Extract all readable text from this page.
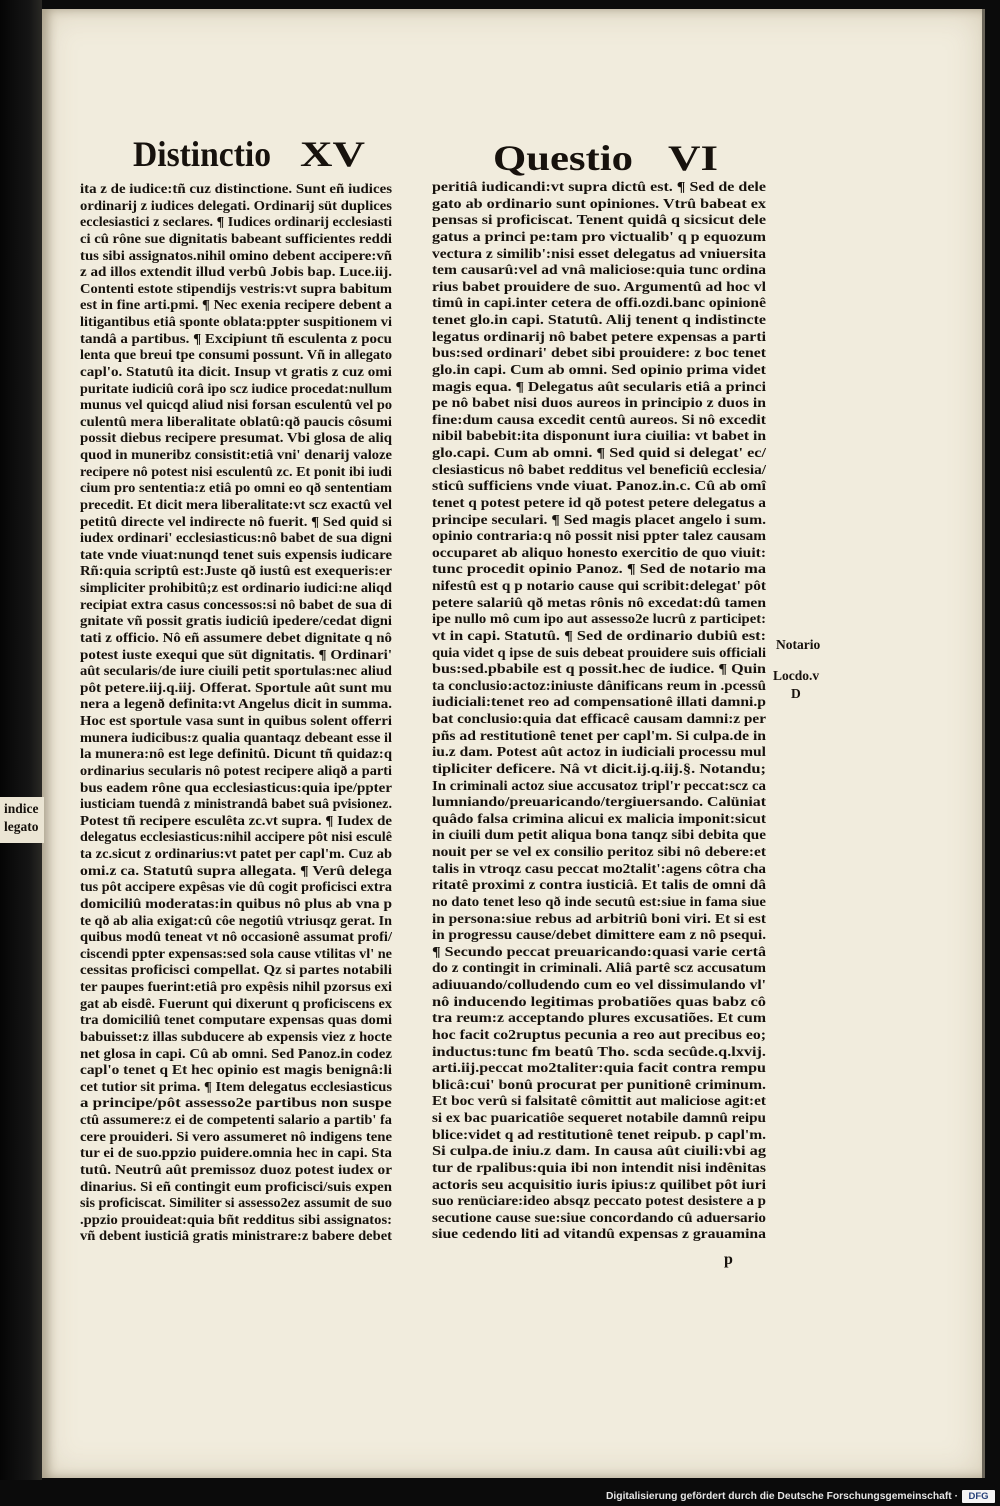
Distinctio XV	Questio VI
ita z de iudice:tñ cuz distinctione. Sunt eñ iudices
ordinarij z iudices delegati. Ordinarij süt duplices
ecclesiastici z seclares. ¶ Iudices ordinarij ecclesiasti
ci cû rône sue dignitatis babeant sufficientes reddi
tus sibi assignatos.nihil omino debent accipere:vñ
z ad illos extendit illud verbû Jobis bap. Luce.iij.
Contenti estote stipendijs vestris:vt supra babitum
est in fine arti.pmi. ¶ Nec exenia recipere debent a
litigantibus etiâ sponte oblata:ppter suspitionem vi
tandâ a partibus. ¶ Excipiunt tñ esculenta z pocu
lenta que breui tpe consumi possunt. Vñ in allegato
capl'o. Statutû ita dicit. Insup vt gratis z cuz omi
puritate iudiciû corâ ipo scz iudice procedat:nullum
munus vel quicqd aliud nisi forsan esculentû vel po
culentû mera liberalitate oblatû:qð paucis côsumi
possit diebus recipere presumat. Vbi glosa de aliq
quod in muneribz consistit:etiâ vni' denarij valoze
recipere nô potest nisi esculentû zc. Et ponit ibi iudi
cium pro sententia:z etiâ po omni eo qð sententiam
precedit. Et dicit mera liberalitate:vt scz exactû vel
petitû directe vel indirecte nô fuerit. ¶ Sed quid si
iudex ordinari' ecclesiasticus:nô babet de sua digni
tate vnde viuat:nunqd tenet suis expensis iudicare
Rñ:quia scriptû est:Juste qð iustû est exequeris:er
simpliciter prohibitû;z est ordinario iudici:ne aliqd
recipiat extra casus concessos:si nô babet de sua di
gnitate vñ possit gratis iudiciû ipedere/cedat digni
tati z officio. Nô eñ assumere debet dignitate q nô
potest iuste exequi que süt dignitatis. ¶ Ordinari'
aût secularis/de iure ciuili petit sportulas:nec aliud
pôt petere.iij.q.iij. Offerat. Sportule aût sunt mu
nera a legenð definita:vt Angelus dicit in summa.
Hoc est sportule vasa sunt in quibus solent offerri
munera iudicibus:z qualia quantaqz debeant esse il
la munera:nô est lege definitû. Dicunt tñ quidaz:q
ordinarius secularis nô potest recipere aliqð a parti
bus eadem rône qua ecclesiasticus:quia ipe/ppter
iusticiam tuendâ z ministrandâ babet suâ pvisionez.
Potest tñ recipere esculêta zc.vt supra. ¶ Iudex de
delegatus ecclesiasticus:nihil accipere pôt nisi esculê
ta zc.sicut z ordinarius:vt patet per capl'm. Cuz ab
omi.z ca. Statutû supra allegata. ¶ Verû delega
tus pôt accipere expêsas vie dû cogit proficisci extra
domiciliû moderatas:in quibus nô plus ab vna p
te qð ab alia exigat:cû côe negotiû vtriusqz gerat. In
quibus modû teneat vt nô occasionê assumat profi/
ciscendi ppter expensas:sed sola cause vtilitas vl' ne
cessitas proficisci compellat. Qz si partes notabili
ter paupes fuerint:etiâ pro expêsis nihil pzorsus exi
gat ab eisdê. Fuerunt qui dixerunt q proficiscens ex
tra domiciliû tenet computare expensas quas domi
babuisset:z illas subducere ab expensis viez z hocte
net glosa in capi. Cû ab omni. Sed Panoz.in codez
capl'o tenet q Et hec opinio est magis benignâ:li
cet tutior sit prima. ¶ Item delegatus ecclesiasticus
a principe/pôt assesso2e partibus non suspe
ctû assumere:z ei de competenti salario a partib' fa
cere prouideri. Si vero assumeret nô indigens tene
tur ei de suo.ppzio puidere.omnia hec in capi. Sta
tutû. Neutrû aût premissoz duoz potest iudex or
dinarius. Si eñ contingit eum proficisci/suis expen
sis proficiscat. Similiter si assesso2ez assumit de suo
.ppzio prouideat:quia bñt redditus sibi assignatos:
vñ debent iusticiâ gratis ministrare:z babere debet
peritiâ iudicandi:vt supra dictû est. ¶ Sed de dele
gato ab ordinario sunt opiniones. Vtrû babeat ex
pensas si proficiscat. Tenent quidâ q sicsicut dele
gatus a princi pe:tam pro victualib' q p equozum
vectura z similib':nisi esset delegatus ad vniuersita
tem causarû:vel ad vnâ maliciose:quia tunc ordina
rius babet prouidere de suo. Argumentû ad hoc vl
timû in capi.inter cetera de offi.ozdi.banc opinionê
tenet glo.in capi. Statutû. Alij tenent q indistincte
legatus ordinarij nô babet petere expensas a parti
bus:sed ordinari' debet sibi prouidere: z boc tenet
glo.in capi. Cum ab omni. Sed opinio prima videt
magis equa. ¶ Delegatus aût secularis etiâ a princi
pe nô babet nisi duos aureos in principio z duos in
fine:dum causa excedit centû aureos. Si nô excedit
nibil babebit:ita disponunt iura ciuilia: vt babet in
glo.capi. Cum ab omni. ¶ Sed quid si delegat' ec/
clesiasticus nô babet redditus vel beneficiû ecclesia/
sticû sufficiens vnde viuat. Panoz.in.c. Cû ab omî
tenet q potest petere id qð potest petere delegatus a
principe seculari. ¶ Sed magis placet angelo i sum.
opinio contraria:q nô possit nisi ppter talez causam
occuparet ab aliquo honesto exercitio de quo viuit:
tunc procedit opinio Panoz. ¶ Sed de notario ma
nifestû est q p notario cause qui scribit:delegat' pôt
petere salariû qð metas rônis nô excedat:dû tamen
ipe nullo mô cum ipo aut assesso2e lucrû z participet:
vt in capi. Statutû. ¶ Sed de ordinario dubiû est:
quia videt q ipse de suis debeat prouidere suis officiali
bus:sed.pbabile est q possit.hec de iudice. ¶ Quin
ta conclusio:actoz:iniuste dânificans reum in .pcessû
iudiciali:tenet reo ad compensationê illati damni.p
bat conclusio:quia dat efficacê causam damni:z per
pñs ad restitutionê tenet per capl'm. Si culpa.de in
iu.z dam. Potest aût actoz in iudiciali processu mul
tipliciter deficere. Nâ vt dicit.ij.q.iij.§. Notandu;
In criminali actoz siue accusatoz tripl'r peccat:scz ca
lumniando/preuaricando/tergiuersando. Calüniat
quâdo falsa crimina alicui ex malicia imponit:sicut
in ciuili dum petit aliqua bona tanqz sibi debita que
nouit per se vel ex consilio peritoz sibi nô debere:et
talis in vtroqz casu peccat mo2talit':agens côtra cha
ritatê proximi z contra iusticiâ. Et talis de omni dâ
no dato tenet leso qð inde secutû est:siue in fama siue
in persona:siue rebus ad arbitriû boni viri. Et si est
in progressu cause/debet dimittere eam z nô psequi.
¶ Secundo peccat preuaricando:quasi varie certâ
do z contingit in criminali. Aliâ partê scz accusatum
adiuuando/colludendo cum eo vel dissimulando vl'
nô inducendo legitimas probatiões quas babz cô
tra reum:z acceptando plures excusatiões. Et cum
hoc facit co2ruptus pecunia a reo aut precibus eo;
inductus:tunc fm beatû Tho. scda secûde.q.lxvij.
arti.iij.peccat mo2taliter:quia facit contra rempu
blicâ:cui' bonû procurat per punitionê criminum.
Et boc verû si falsitatê cômittit aut maliciose agit:et
si ex bac puaricatiôe sequeret notabile damnû reipu
blice:videt q ad restitutionê tenet reipub. p capl'm.
Si culpa.de iniu.z dam. In causa aût ciuili:vbi ag
tur de rpalibus:quia ibi non intendit nisi indênitas
actoris seu acquisitio iuris ipius:z quilibet pôt iuri
suo renüciare:ideo absqz peccato potest desistere a p
secutione cause sue:siue concordando cû aduersario
siue cedendo liti ad vitandû expensas z grauamina
indice
legato
Notario
Locdo.v
D
p
Digitalisierung gefördert durch die Deutsche Forschungsgemeinschaft ·	DFG
